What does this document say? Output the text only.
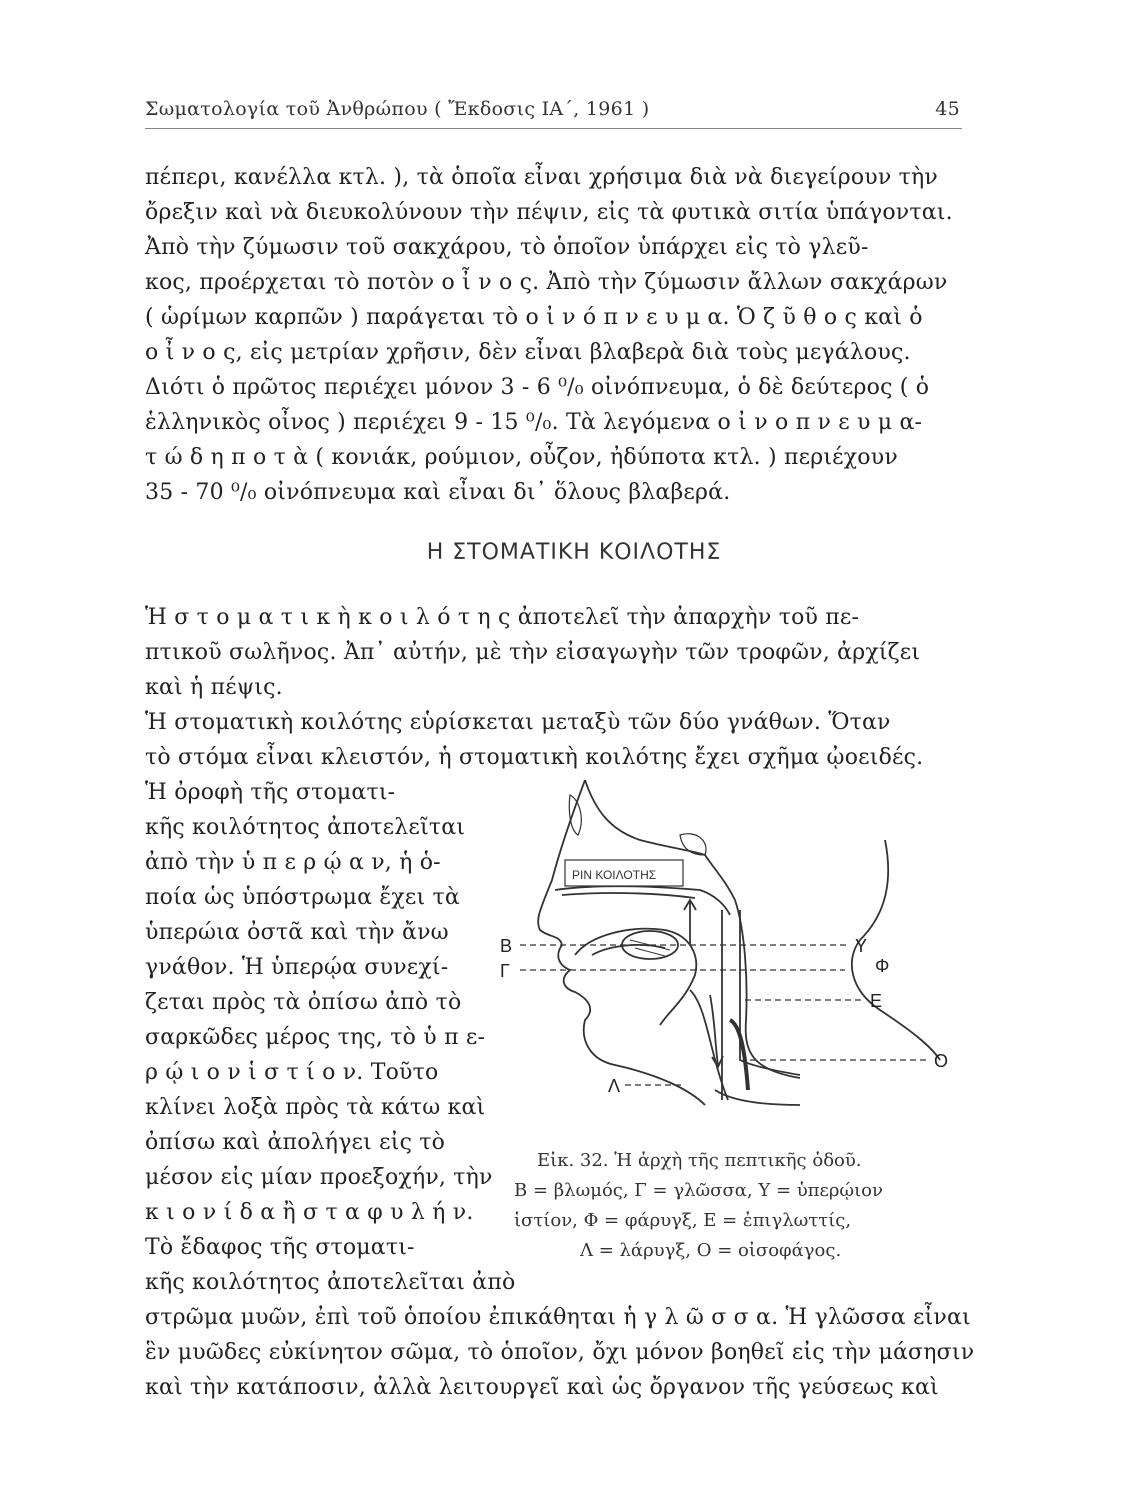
Σωματολογία τοῦ Ἀνθρώπου ( Ἔκδοσις ΙΑ΄, 1961 )	45
πέπερι, κανέλλα κτλ. ), τὰ ὁποῖα εἶναι χρήσιμα διὰ νὰ διεγείρουν τὴν
ὄρεξιν καὶ νὰ διευκολύνουν τὴν πέψιν, εἰς τὰ φυτικὰ σιτία ὑπάγονται.
Ἀπὸ τὴν ζύμωσιν τοῦ σακχάρου, τὸ ὁποῖον ὑπάρχει εἰς τὸ γλεῦ-
κος, προέρχεται τὸ ποτὸν ο ἶ ν ο ς. Ἀπὸ τὴν ζύμωσιν ἄλλων σακχάρων
( ὡρίμων καρπῶν ) παράγεται τὸ ο ἰ ν ό π ν ε υ μ α. Ὁ ζ ῦ θ ο ς καὶ ὁ
ο ἶ ν ο ς, εἰς μετρίαν χρῆσιν, δὲν εἶναι βλαβερὰ διὰ τοὺς μεγάλους.
Διότι ὁ πρῶτος περιέχει μόνον 3 - 6 ⁰/₀ οἰνόπνευμα, ὁ δὲ δεύτερος ( ὁ
ἑλληνικὸς οἶνος ) περιέχει 9 - 15 ⁰/₀. Τὰ λεγόμενα ο ἰ ν ο π ν ε υ μ α-
τ ώ δ η π ο τ ὰ ( κονιάκ, ρούμιον, οὖζον, ἠδύποτα κτλ. ) περιέχουν
35 - 70 ⁰/₀ οἰνόπνευμα καὶ εἶναι δι᾽ ὅλους βλαβερά.
Η ΣΤΟΜΑΤΙΚΗ ΚΟΙΛΟΤΗΣ
Ἡ σ τ ο μ α τ ι κ ὴ κ ο ι λ ό τ η ς ἀποτελεῖ τὴν ἀπαρχὴν τοῦ πε-
πτικοῦ σωλῆνος. Ἀπ᾽ αὐτήν, μὲ τὴν εἰσαγωγὴν τῶν τροφῶν, ἀρχίζει
καὶ ἡ πέψις.
Ἡ στοματικὴ κοιλότης εὑρίσκεται μεταξὺ τῶν δύο γνάθων. Ὅταν
τὸ στόμα εἶναι κλειστόν, ἡ στοματικὴ κοιλότης ἔχει σχῆμα ᾠοειδές.
Ἡ ὀροφὴ τῆς στοματι-
κῆς κοιλότητος ἀποτελεῖται
ἀπὸ τὴν ὑ π ε ρ ῴ α ν, ἡ ὁ-
ποία ὡς ὑπόστρωμα ἔχει τὰ
ὑπερώια ὀστᾶ καὶ τὴν ἄνω
γνάθον. Ἡ ὑπερῴα συνεχί-
ζεται πρὸς τὰ ὀπίσω ἀπὸ τὸ
σαρκῶδες μέρος της, τὸ ὑ π ε-
ρ ῴ ι ο ν ἱ σ τ ί ο ν. Τοῦτο
κλίνει λοξὰ πρὸς τὰ κάτω καὶ
ὀπίσω καὶ ἀπολήγει εἰς τὸ
μέσον εἰς μίαν προεξοχήν, τὴν
κ ι ο ν ί δ α ἢ σ τ α φ υ λ ή ν.
Τὸ ἔδαφος τῆς στοματι-
κῆς κοιλότητος ἀποτελεῖται ἀπὸ
στρῶμα μυῶν, ἐπὶ τοῦ ὁποίου ἐπικάθηται ἡ γ λ ῶ σ σ α. Ἡ γλῶσσα εἶναι
ἓν μυῶδες εὐκίνητον σῶμα, τὸ ὁποῖον, ὄχι μόνον βοηθεῖ εἰς τὴν μάσησιν
καὶ τὴν κατάποσιν, ἀλλὰ λειτουργεῖ καὶ ὡς ὄργανον τῆς γεύσεως καὶ
ΡΙΝ ΚΟΙΛΟΤΗΣ
Β
Γ
Υ
Φ
Ε
Ο
Λ
Εἰκ. 32. Ἡ ἀρχὴ τῆς πεπτικῆς ὁδοῦ.
Β = βλωμός, Γ = γλῶσσα, Υ = ὑπερῴιον
ἱστίον, Φ = φάρυγξ, Ε = ἐπιγλωττίς,
Λ = λάρυγξ, Ο = οἰσοφάγος.
